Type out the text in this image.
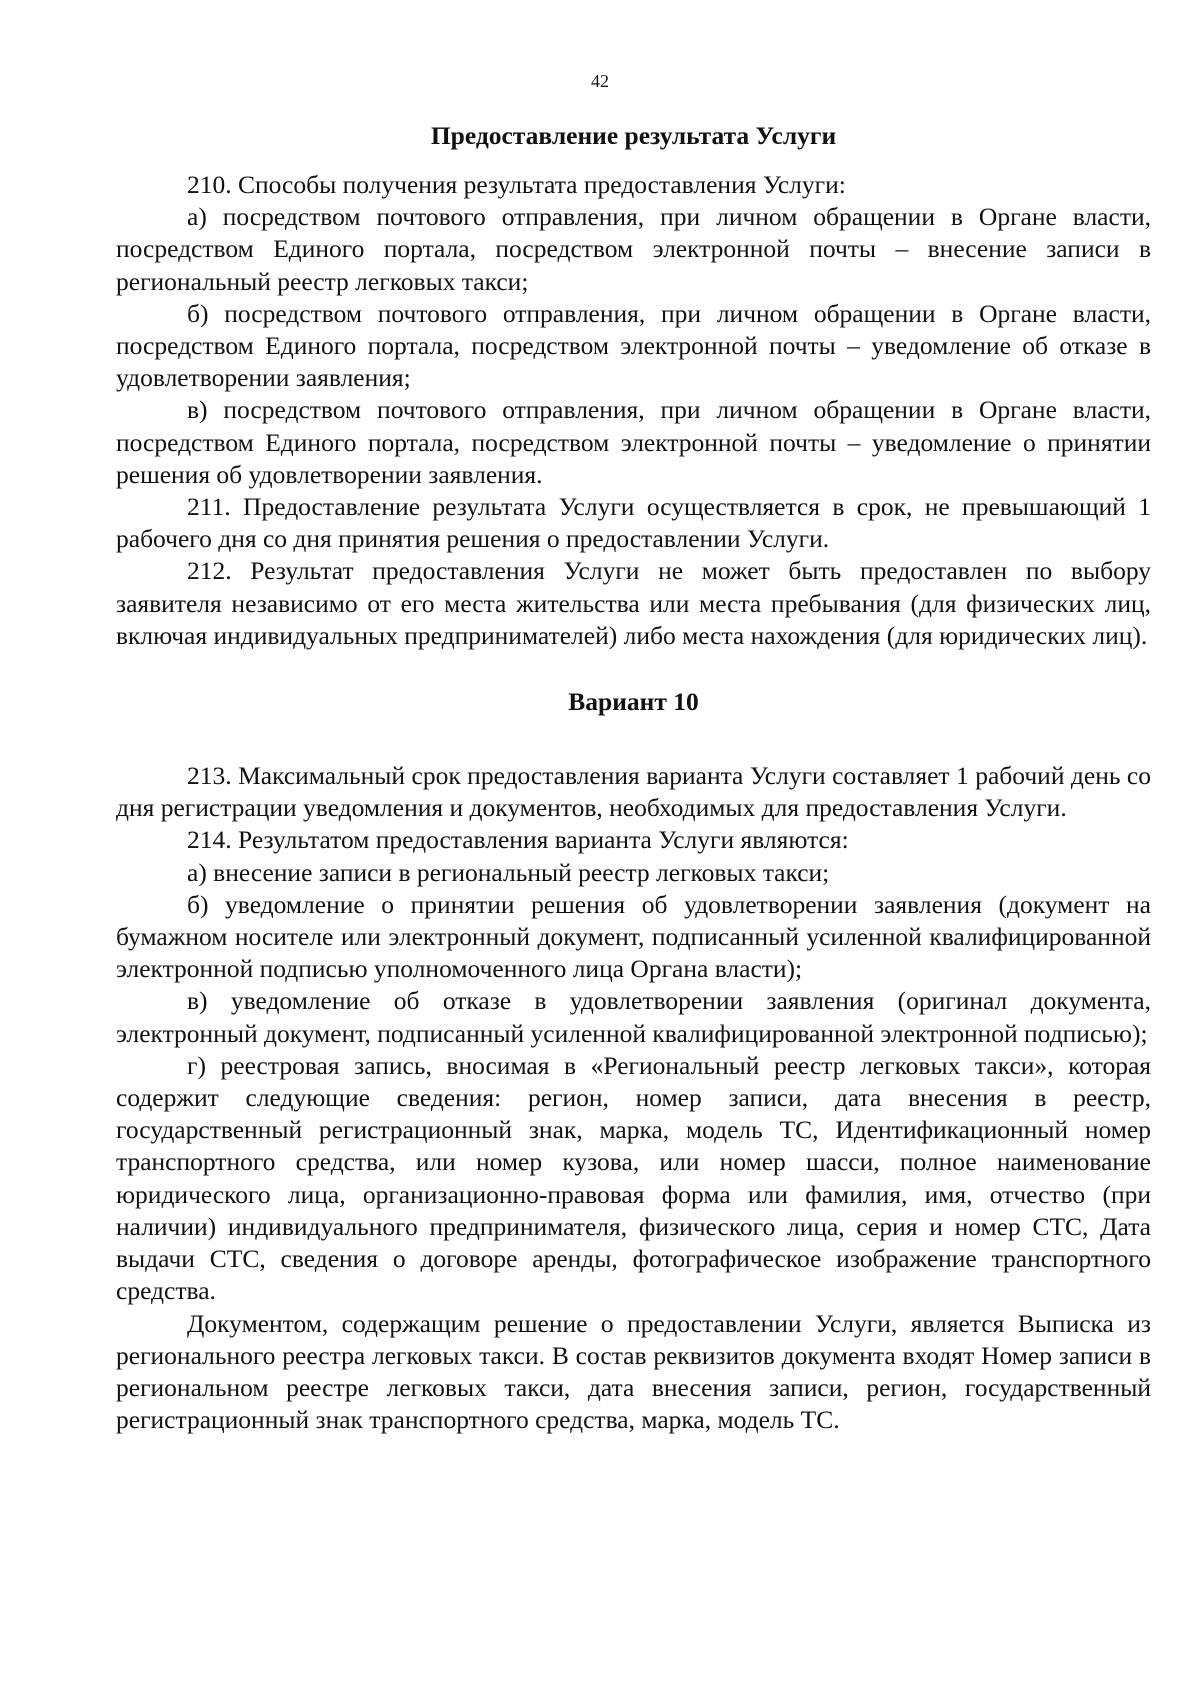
42
Предоставление результата Услуги

210. Способы получения результата предоставления Услуги:

а) посредством почтового отправления, при личном обращении в Органе власти, посредством Единого портала, посредством электронной почты – внесение записи в региональный реестр легковых такси;

б) посредством почтового отправления, при личном обращении в Органе власти, посредством Единого портала, посредством электронной почты – уведомление об отказе в удовлетворении заявления;

в) посредством почтового отправления, при личном обращении в Органе власти, посредством Единого портала, посредством электронной почты – уведомление о принятии решения об удовлетворении заявления.

211. Предоставление результата Услуги осуществляется в срок, не превышающий 1 рабочего дня со дня принятия решения о предоставлении Услуги.

212. Результат предоставления Услуги не может быть предоставлен по выбору заявителя независимо от его места жительства или места пребывания (для физических лиц, включая индивидуальных предпринимателей) либо места нахождения (для юридических лиц).

Вариант 10

213. Максимальный срок предоставления варианта Услуги составляет 1 рабочий день со дня регистрации уведомления и документов, необходимых для предоставления Услуги.

214. Результатом предоставления варианта Услуги являются:

а) внесение записи в региональный реестр легковых такси;

б) уведомление о принятии решения об удовлетворении заявления (документ на бумажном носителе или электронный документ, подписанный усиленной квалифицированной электронной подписью уполномоченного лица Органа власти);

в) уведомление об отказе в удовлетворении заявления (оригинал документа, электронный документ, подписанный усиленной квалифицированной электронной подписью);

г) реестровая запись, вносимая в «Региональный реестр легковых такси», которая содержит следующие сведения: регион, номер записи, дата внесения в реестр, государственный регистрационный знак, марка, модель ТС, Идентификационный номер транспортного средства, или номер кузова, или номер шасси, полное наименование юридического лица, организационно-правовая форма или фамилия, имя, отчество (при наличии) индивидуального предпринимателя, физического лица, серия и номер СТС, Дата выдачи СТС, сведения о договоре аренды, фотографическое изображение транспортного средства.

Документом, содержащим решение о предоставлении Услуги, является Выписка из регионального реестра легковых такси. В состав реквизитов документа входят Номер записи в региональном реестре легковых такси, дата внесения записи, регион, государственный регистрационный знак транспортного средства, марка, модель ТС.
